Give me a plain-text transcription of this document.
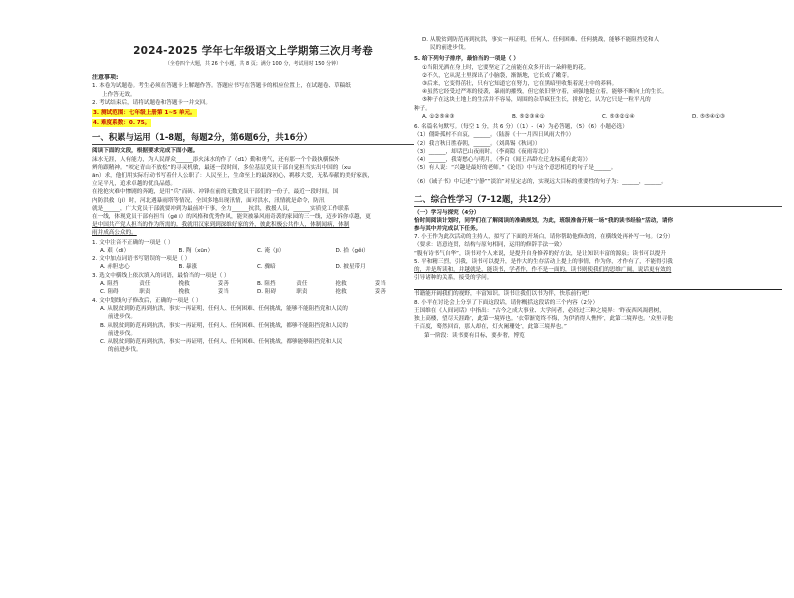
2024-2025 学年七年级语文上学期第三次月考卷
（全卷四个大题，共 26 个小题，共 8 页；满分 100 分，考试用时 150 分钟）
注意事项:
1. 本卷为试题卷。考生必须在答题卡上解题作答。答题应书写在答题卡的相应位置上，在试题卷、草稿纸
上作答无效。
2. 考试结束后，请将试题卷和答题卡一并交回。
3. 测试范围：七年级上册第 1~5 单元。
4. 难度系数：0. 75。
一、积累与运用（1-8题，每题2分，第6题6分，共16分）
阅读下面的文段，根据要求完成下面小题。
沫水无涯，人有能力，为人民群众______添火沫水的作了（d1）勤和勇气，还有那一个个鼓执横保外
辨角跟精神。“咬定青山不放松”的寻灵机敏，最迷一段时间，多位基层党员干部自觉担当实出中国的（xu
ān）求，他们用实际行动书写着什人公职了：人民至上，生命至上的最深初心，羁移大爱，无私奉献的美好家族，
立足平凡，追求卓越的优良品德。
在抢抢灾难中惨剧的奔跑，是用“兵”而砖、冲锋在前的无数党员干部们的一份子，最近一段时间，国
内防洪救（jí）时，河北遇暴雨塔等情况，全国多地出现汛情，面对洪水，汛情就是命令，防汛
就是______，广大党员干部就要冲到为最前冲干事，全力______抗洪，救援人员，______实质党工作联系
在一线，体现党员干部有担当（gē i）的风格和优秀作风，能突被暴风雨奇袭的家园的三一线，迈步诉你卓越，更
是中国共产党人担当的作为所需的。我就用汉家到到深维好家的外，彼此积极公共作人，体制闻病，体制
雨并成高公众的。
1. 文中注音不正确的一项是（ ）
A. 艰（di）	B. 陶（xūn）	C. 淹（ji）	D. 拾（gěi）
2. 文中加点词语书写错误的一项是（ ）
A. 赤胆忠心	B. 暴涨	C. 骤暗	D. 披星带月
3. 选文中横线上依次填入的词语，最恰当的一项是（ ）
A. 阻挡	责任	挽救	妥善	B. 阻挡	责任	抢救	妥当
C. 阻碍	职责	挽救	妥当	D. 阻碍	职责	抢救	妥善
4. 文中划线句子修改后，正确的一项是（ ）
A. 从脱贫到防范再到抗洪，事实一再证明，任何人、任何困难、任何挑战，能够不能阻挡党和人民的
前进步伐。
B. 从脱贫到防范再到抗洪，事实一再证明，任何人、任何困难、任何挑战，都够不能阻挡党和人民的
前进步伐。
C. 从脱贫到防范再到抗洪，事实一再证明，任何人、任何困难、任何挑战，都够能够阻挡党和人民
的前进步伐。
D. 从脱贫到防范再到抗洪，事实一再证明，任何人、任何困难、任何挑战，能够不能阻挡党和人
民的前进步伐。
5. 给下列句子排序，最恰当的一项是（ ）
①当阳光洒在身上时，它要坚定了之前能在众多开出一朵鲜艳的花。
②不久，它从泥土里探出了小脑袋，渐渐地，它长成了嫩芽。
③后来，它变得茁壮，只有它知道它在努力，它在黑暗里收集着泥土中的养料。
④虽然它经受过严寒的侵袭，暴雨的摧残，但它依旧坚守着，顽强地挺立着，能够不断向上的生长。
⑤种子在这块土地上的生活并不容易，周围的杂草疯狂生长，拼抢它，认为它只是一粒平凡的
种子。
A. ①②⑤④③	B. ⑤②③④①	C. ⑤③②①④	D. ⑤⑤④①③
6. 名篇名句默写。（每空 1 分，共 6 分）（（1）-（4）为必答题，（5）（6）小题必选）
（1）僵卧孤村不自哀，______。（陆游《十一月四日风雨大作》）
（2）我言秋日胜春朝，______。（刘禹锡《秋词》）
（3）______，却话巴山夜雨时。（李商隐《夜雨寄北》）
（4）______，我寄愁心与明月。（李白《闻王昌龄左迁龙标遥有此寄》）
（5）有人说：“兴趣是最好的老师。”《论语》中与这个意思相近的句子是______。
（6）《诫子书》中记述“宁静”“淡泊”对星定志的，实现远大目标的重要性的句子为：______，______。
二、综合性学习（7-12题，共12分）
（一）学习与探究（4分）
恰时间阅读计划时，同学们在了解阅读的准确规划，为此，班级准备开展一场“我的读书经验”活动，请你
参与其中并完成以下任务。
7. 小王作为此次活动的主持人，拟写了下面的开场白，请你帮助他修改的，在横线处再补写一句。（2分）
（要求：语意连贯，结构与原句相同，运用的修辞手法一致）
“腹有诗书气自华”，读书对个人来说，是提升自身修养的好方法，是让知识丰富的源泉；读书可以提升
5. 平和精三烈，引我，读书可以提升，是作大的生存活动上提上的事情，作为你，才作有了，不能得引我
的，并是所读和，并越就是，能读书，学者作，作不是一面的，读书则使我们的思维广阔，说话更有效的
引导诸种的关系，接受的学问。
书籍能开阔我们的视野，丰富知识。读书让我们以书为伴，快乐前行吧！
8. 小平在讨论会上分享了下面这段话，请你概括这段话的三个内容（2分）
王国维在《人间词话》中指出：“古今之成大事业、大学问者，必经过三种之境界：‘昨夜西风凋碧树，
独上高楼，望尽天涯路’，此第一境界也。‘衣带渐宽终不悔，为伊消得人憔悴’，此第二境界也。‘众里寻他
千百度，蓦然回首，那人却在，灯火阑珊处’，此第三境界也。”
第一阶段：读书要有目标，要步奢，博览
